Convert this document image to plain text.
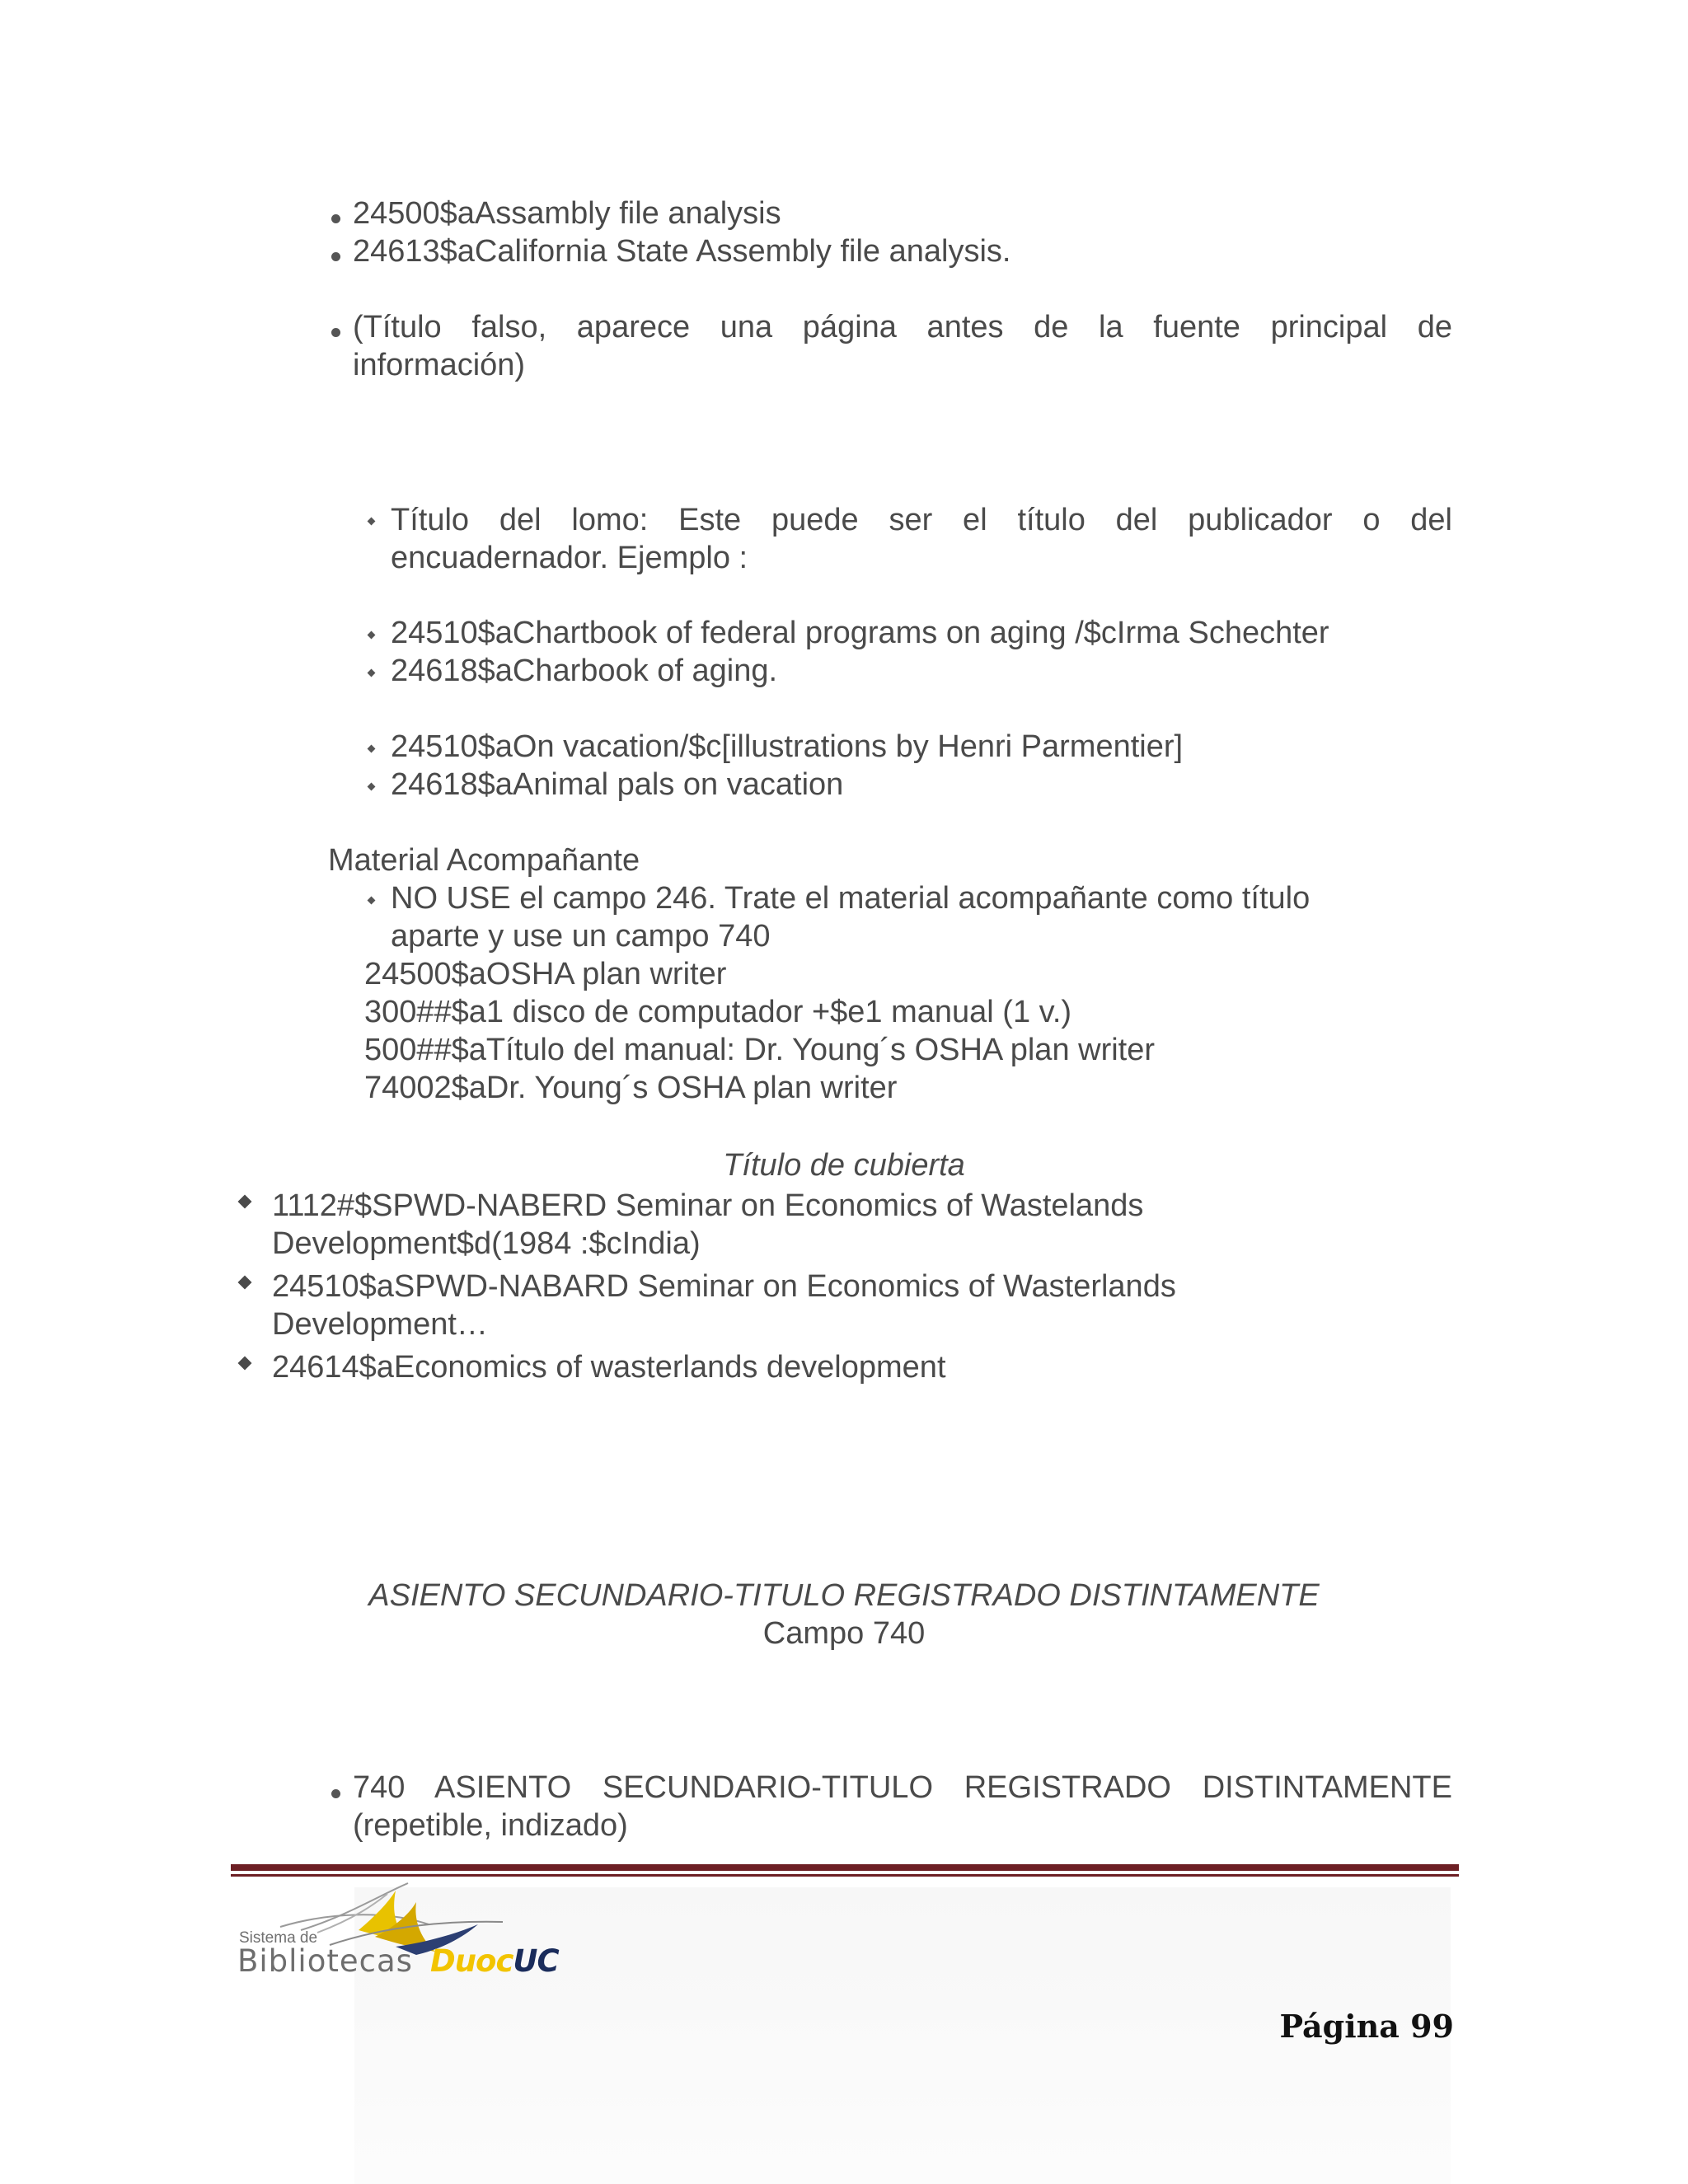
24500$aAssambly file analysis
24613$aCalifornia State Assembly file analysis.
(Título falso, aparece una página antes de la fuente principal de
información)
Título del lomo: Este puede ser el título del publicador o del
encuadernador. Ejemplo :
24510$aChartbook of federal programs on aging /$cIrma Schechter
24618$aCharbook of aging.
24510$aOn vacation/$c[illustrations by Henri Parmentier]
24618$aAnimal pals on vacation
Material Acompañante
NO USE el campo 246. Trate el material acompañante como título
aparte y use un campo 740
24500$aOSHA plan writer
300##$a1 disco de computador +$e1 manual (1 v.)
500##$aTítulo del manual: Dr. Young´s OSHA plan writer
74002$aDr. Young´s OSHA plan writer
Título de cubierta
1112#$SPWD-NABERD Seminar on Economics of Wastelands
Development$d(1984 :$cIndia)
24510$aSPWD-NABARD Seminar on Economics of Wasterlands
Development…
24614$aEconomics of wasterlands development
ASIENTO SECUNDARIO-TITULO REGISTRADO DISTINTAMENTE
Campo 740
740 ASIENTO SECUNDARIO-TITULO REGISTRADO DISTINTAMENTE
(repetible, indizado)
Sistema de
Bibliotecas DuocUC
Página 99
